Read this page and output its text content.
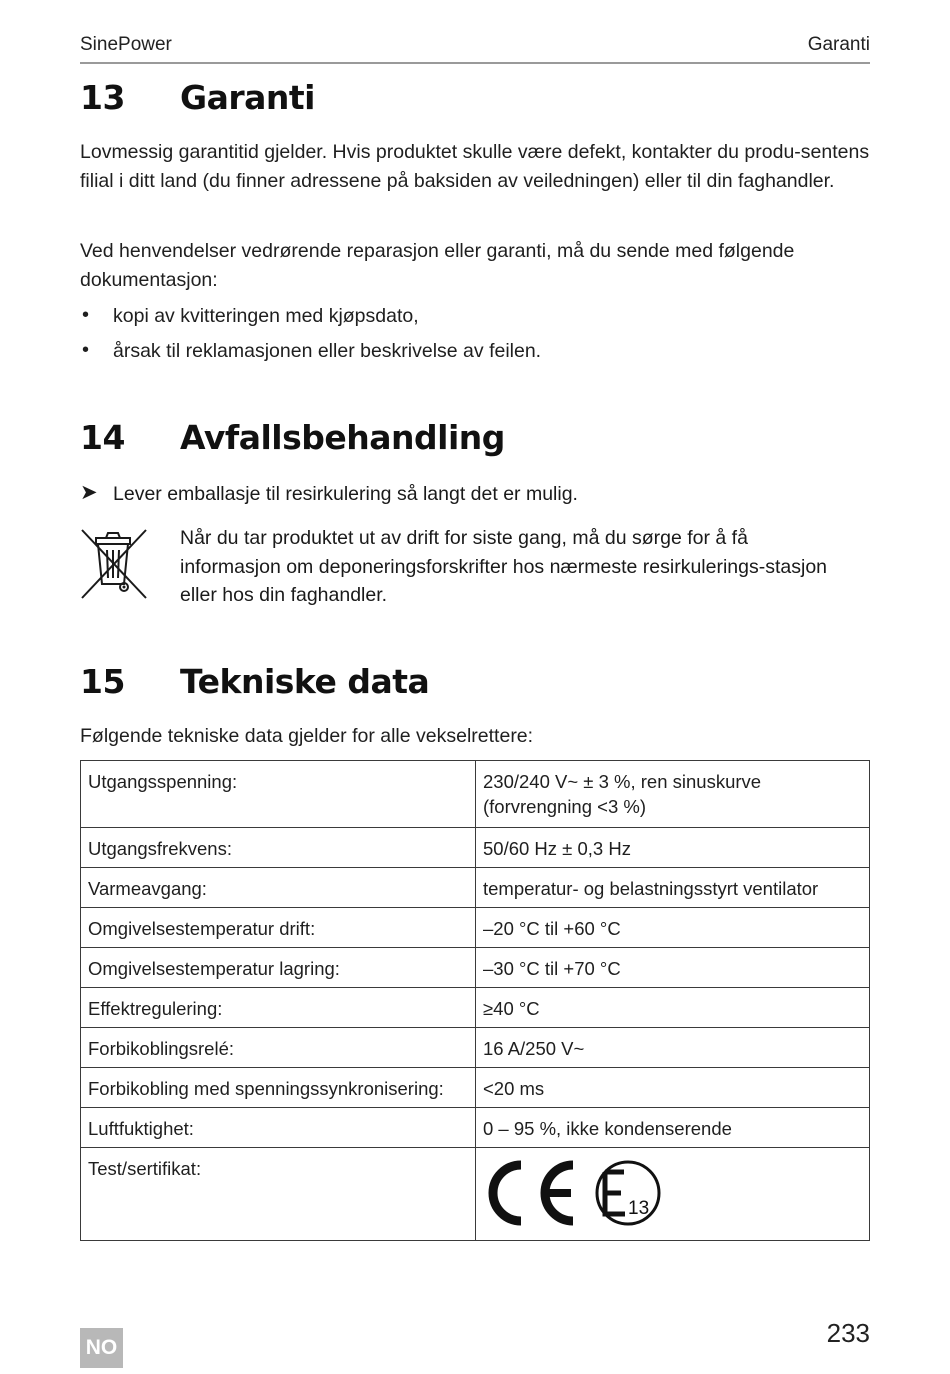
SinePower	Garanti
13 Garanti

Lovmessig garantitid gjelder. Hvis produktet skulle være defekt, kontakter du produ-sentens filial i ditt land (du finner adressene på baksiden av veiledningen) eller til din faghandler.

Ved henvendelser vedrørende reparasjon eller garanti, må du sende med følgende dokumentasjon:

• kopi av kvitteringen med kjøpsdato,
• årsak til reklamasjonen eller beskrivelse av feilen.
14 Avfallsbehandling
➤ Lever emballasje til resirkulering så langt det er mulig.

Når du tar produktet ut av drift for siste gang, må du sørge for å få informasjon om deponeringsforskrifter hos nærmeste resirkulerings-stasjon eller hos din faghandler.

15 Tekniske data

Følgende tekniske data gjelder for alle vekselrettere:

Utgangsspenning:	230/240 V~ ± 3 %, ren sinuskurve (forvrengning <3 %)
Utgangsfrekvens:	50/60 Hz ± 0,3 Hz
Varmeavgang:	temperatur- og belastningsstyrt ventilator
Omgivelsestemperatur drift:	–20 °C til +60 °C
Omgivelsestemperatur lagring:	–30 °C til +70 °C
Effektregulering:	≥40 °C
Forbikoblingsrelé:	16 A/250 V~
Forbikobling med spenningssynkronisering:	<20 ms
Luftfuktighet:	0 – 95 %, ikke kondenserende
Test/sertifikat:	13
NO	233
